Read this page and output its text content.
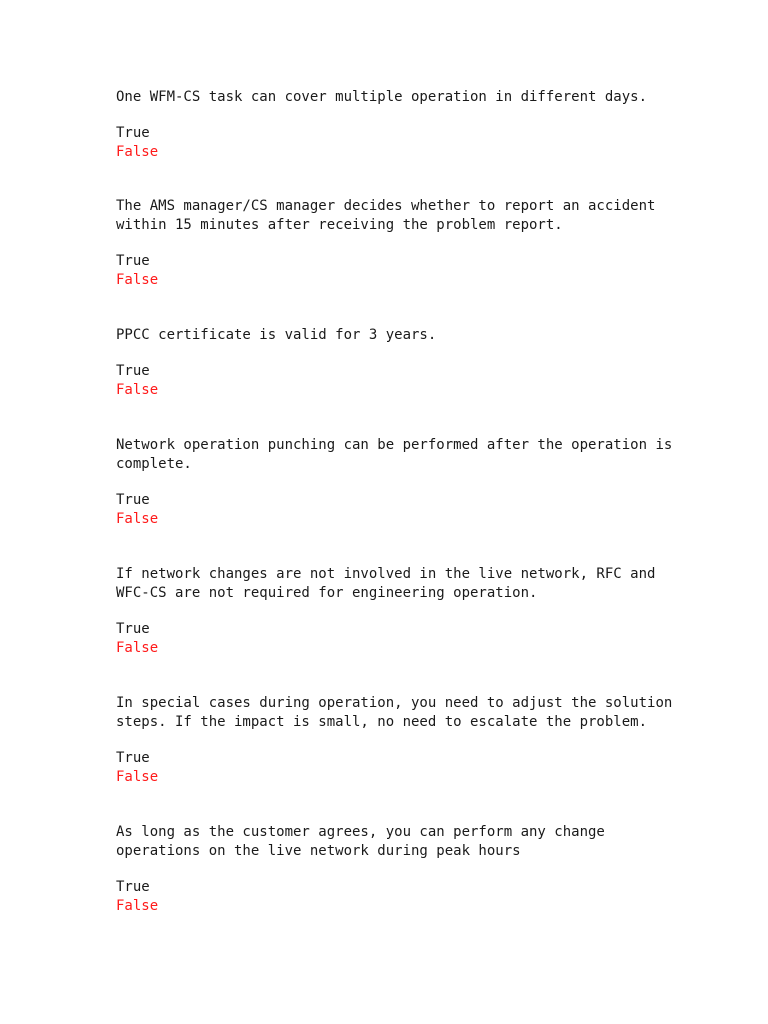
One WFM-CS task can cover multiple operation in different days.

True
False

The AMS manager/CS manager decides whether to report an accident within 15 minutes after receiving the problem report.

True
False

PPCC certificate is valid for 3 years.

True
False

Network operation punching can be performed after the operation is complete.

True
False

If network changes are not involved in the live network, RFC and WFC-CS are not required for engineering operation.

True
False

In special cases during operation, you need to adjust the solution steps. If the impact is small, no need to escalate the problem.

True
False

As long as the customer agrees, you can perform any change operations on the live network during peak hours

True
False
